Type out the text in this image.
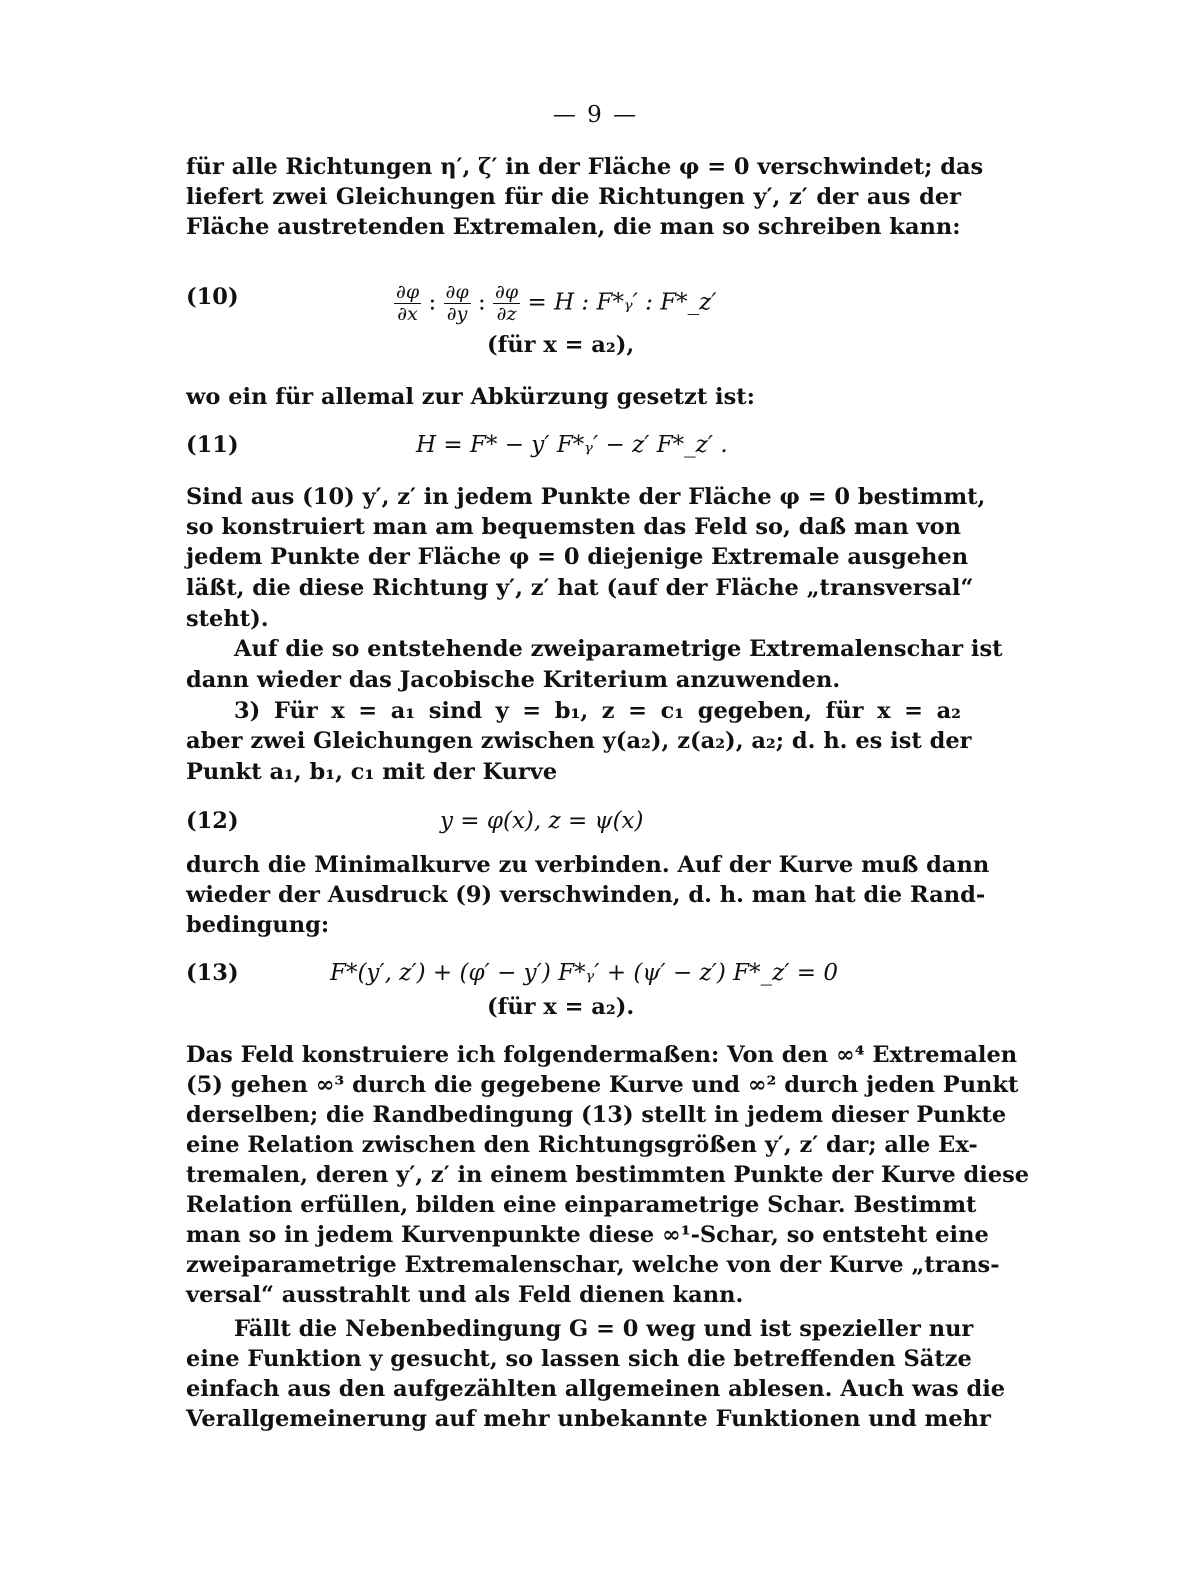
— 9 —
für alle Richtungen η′, ζ′ in der Fläche φ = 0 verschwindet; das
liefert zwei Gleichungen für die Richtungen y′, z′ der aus der
Fläche austretenden Extremalen, die man so schreiben kann:
(10)	$\frac{\partial\varphi}{\partial x}$ : $\frac{\partial\varphi}{\partial y}$ : $\frac{\partial\varphi}{\partial z} = H$ : F*ᵧ′ : F*_z′
(für x = a₂),
wo ein für allemal zur Abkürzung gesetzt ist:
(11)	H = F* − y′ F*ᵧ′ − z′ F*_z′ .
Sind aus (10) y′, z′ in jedem Punkte der Fläche φ = 0 bestimmt,
so konstruiert man am bequemsten das Feld so, daß man von
jedem Punkte der Fläche φ = 0 diejenige Extremale ausgehen
läßt, die diese Richtung y′, z′ hat (auf der Fläche „transversal“
steht).
Auf die so entstehende zweiparametrige Extremalenschar ist
dann wieder das Jacobische Kriterium anzuwenden.
3) Für x = a₁ sind y = b₁, z = c₁ gegeben, für x = a₂
aber zwei Gleichungen zwischen y(a₂), z(a₂), a₂; d. h. es ist der
Punkt a₁, b₁, c₁ mit der Kurve
(12)	y = φ(x), z = ψ(x)
durch die Minimalkurve zu verbinden. Auf der Kurve muß dann
wieder der Ausdruck (9) verschwinden, d. h. man hat die Rand-
bedingung:
(13)	F*(y′, z′) + (φ′ − y′) F*ᵧ′ + (ψ′ − z′) F*_z′ = 0
(für x = a₂).
Das Feld konstruiere ich folgendermaßen: Von den ∞⁴ Extremalen
(5) gehen ∞³ durch die gegebene Kurve und ∞² durch jeden Punkt
derselben; die Randbedingung (13) stellt in jedem dieser Punkte
eine Relation zwischen den Richtungsgrößen y′, z′ dar; alle Ex-
tremalen, deren y′, z′ in einem bestimmten Punkte der Kurve diese
Relation erfüllen, bilden eine einparametrige Schar. Bestimmt
man so in jedem Kurvenpunkte diese ∞¹-Schar, so entsteht eine
zweiparametrige Extremalenschar, welche von der Kurve „trans-
versal“ ausstrahlt und als Feld dienen kann.
Fällt die Nebenbedingung G = 0 weg und ist spezieller nur
eine Funktion y gesucht, so lassen sich die betreffenden Sätze
einfach aus den aufgezählten allgemeinen ablesen. Auch was die
Verallgemeinerung auf mehr unbekannte Funktionen und mehr
